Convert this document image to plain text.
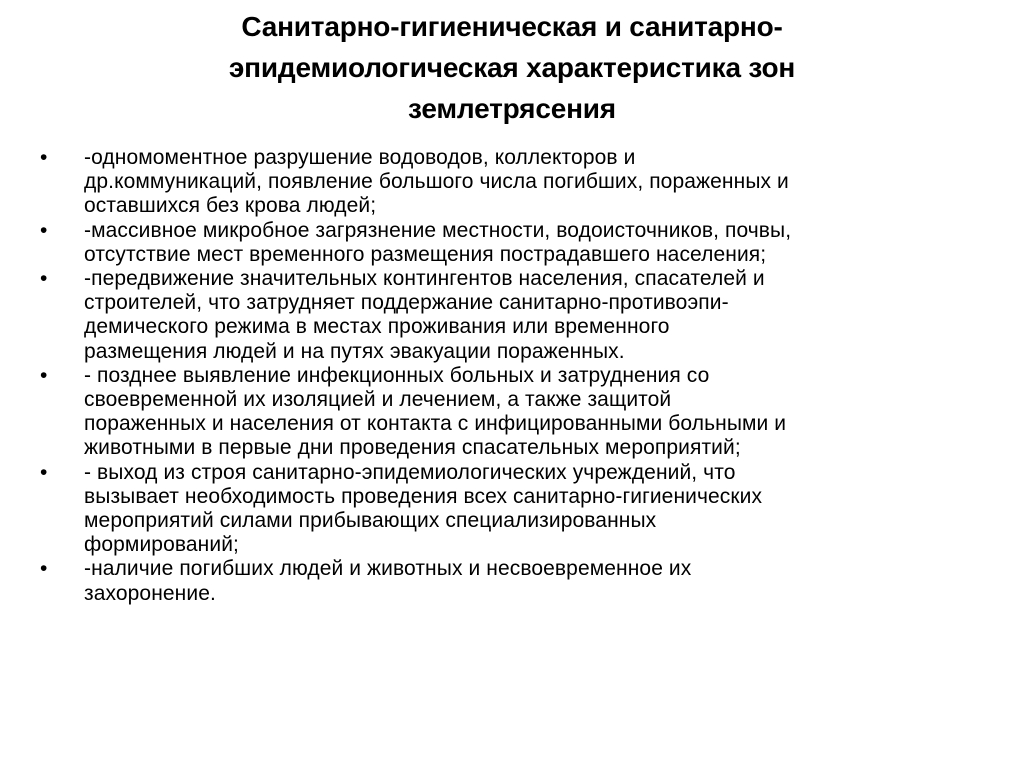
Санитарно-гигиеническая и санитарно-
эпидемиологическая характеристика зон
землетрясения
• -одномоментное разрушение водоводов, коллекторов и
др.коммуникаций, появление большого числа погибших, пораженных и
оставшихся без крова людей;
• -массивное микробное загрязнение местности, водоисточников, почвы,
отсутствие мест временного размещения пострадавшего населения;
• -передвижение значительных контингентов населения, спасателей и
строителей, что затрудняет поддержание санитарно-противоэпи-
демического режима в местах проживания или временного
размещения людей и на путях эвакуации пораженных.
• - позднее выявление инфекционных больных и затруднения со
своевременной их изоляцией и лечением, а также защитой
пораженных и населения от контакта с инфицированными больными и
животными в первые дни проведения спасательных мероприятий;
• - выход из строя санитарно-эпидемиологических учреждений, что
вызывает необходимость проведения всех санитарно-гигиенических
мероприятий силами прибывающих специализированных
формирований;
• -наличие погибших людей и животных и несвоевременное их
захоронение.
